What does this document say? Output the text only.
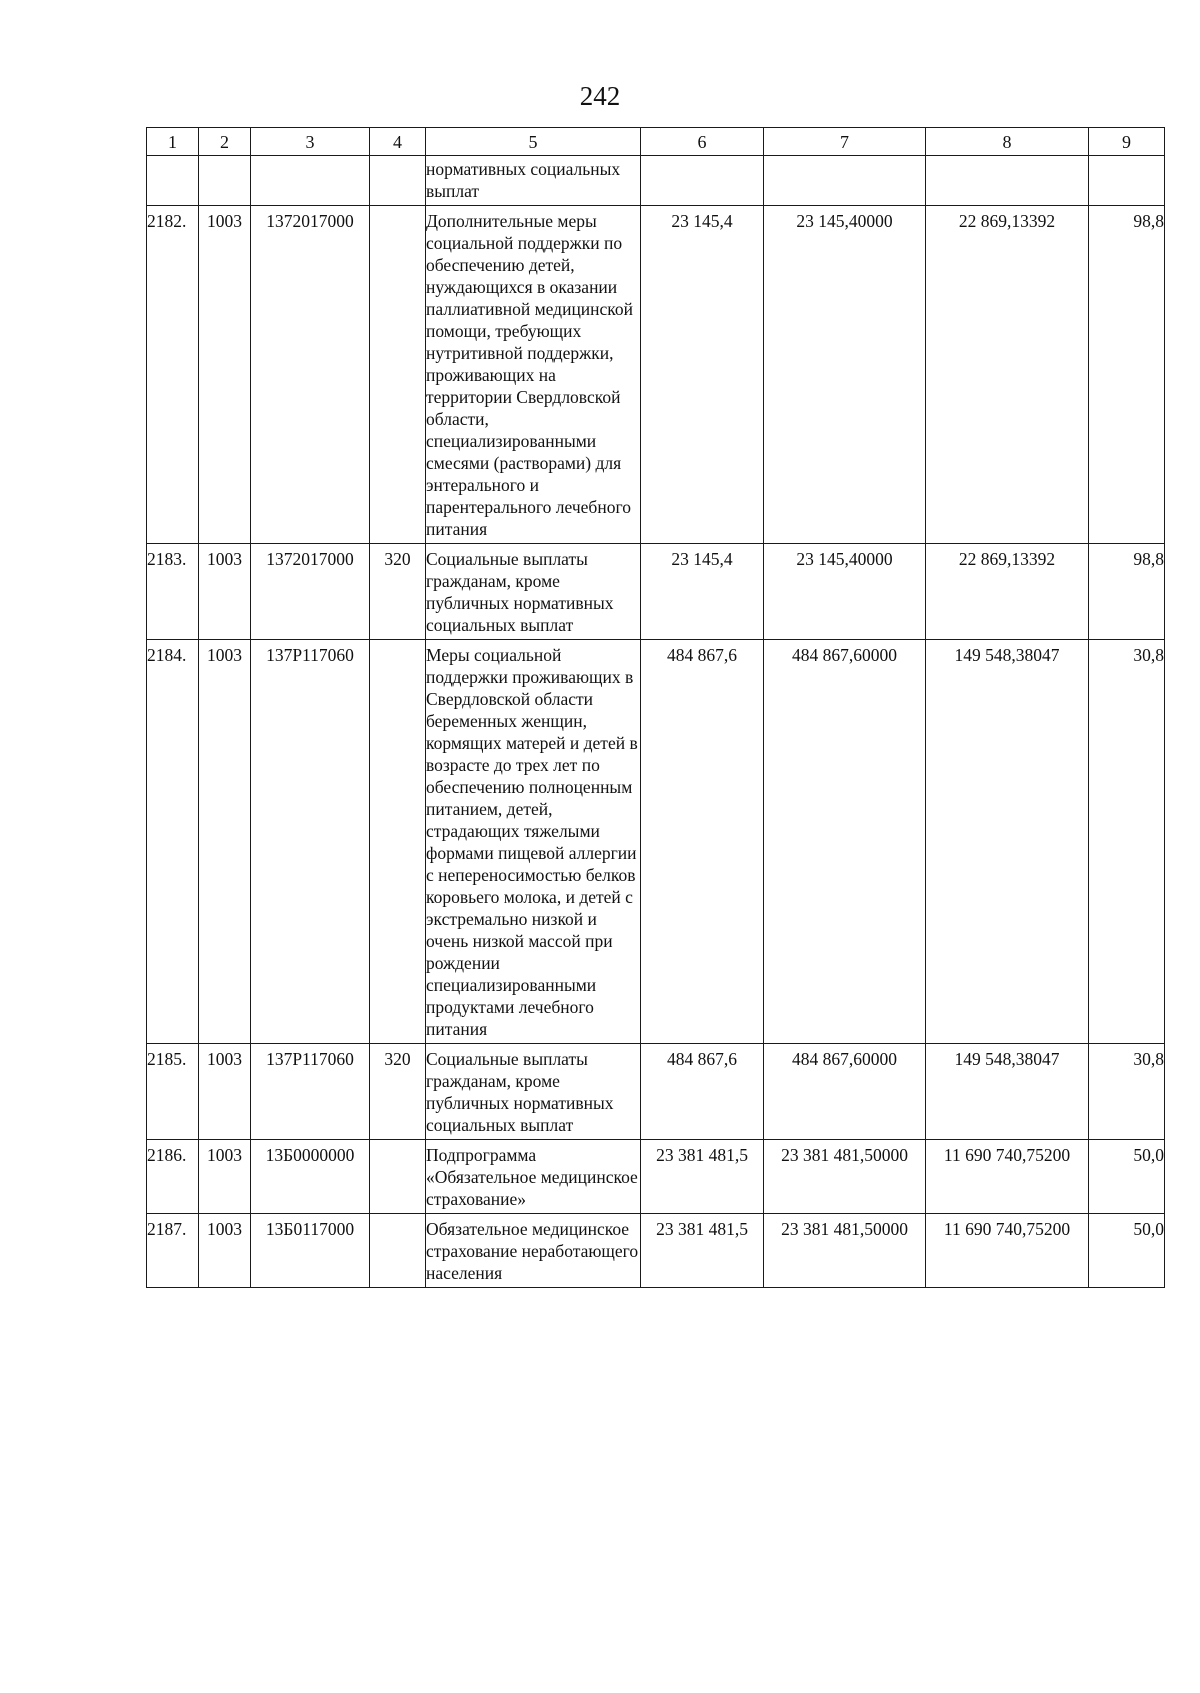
242
1	2	3	4	5	6	7	8	9
				нормативных социальных выплат				
2182.	1003	1372017000		Дополнительные меры социальной поддержки по обеспечению детей, нуждающихся в оказании паллиативной медицинской помощи, требующих нутритивной поддержки, проживающих на территории Свердловской области, специализированными смесями (растворами) для энтерального и парентерального лечебного питания	23 145,4	23 145,40000	22 869,13392	98,8
2183.	1003	1372017000	320	Социальные выплаты гражданам, кроме публичных нормативных социальных выплат	23 145,4	23 145,40000	22 869,13392	98,8
2184.	1003	137P117060		Меры социальной поддержки проживающих в Свердловской области беременных женщин, кормящих матерей и детей в возрасте до трех лет по обеспечению полноценным питанием, детей, страдающих тяжелыми формами пищевой аллергии с непереносимостью белков коровьего молока, и детей с экстремально низкой и очень низкой массой при рождении специализированными продуктами лечебного питания	484 867,6	484 867,60000	149 548,38047	30,8
2185.	1003	137P117060	320	Социальные выплаты гражданам, кроме публичных нормативных социальных выплат	484 867,6	484 867,60000	149 548,38047	30,8
2186.	1003	13Б0000000		Подпрограмма «Обязательное медицинское страхование»	23 381 481,5	23 381 481,50000	11 690 740,75200	50,0
2187.	1003	13Б0117000		Обязательное медицинское страхование неработающего населения	23 381 481,5	23 381 481,50000	11 690 740,75200	50,0
